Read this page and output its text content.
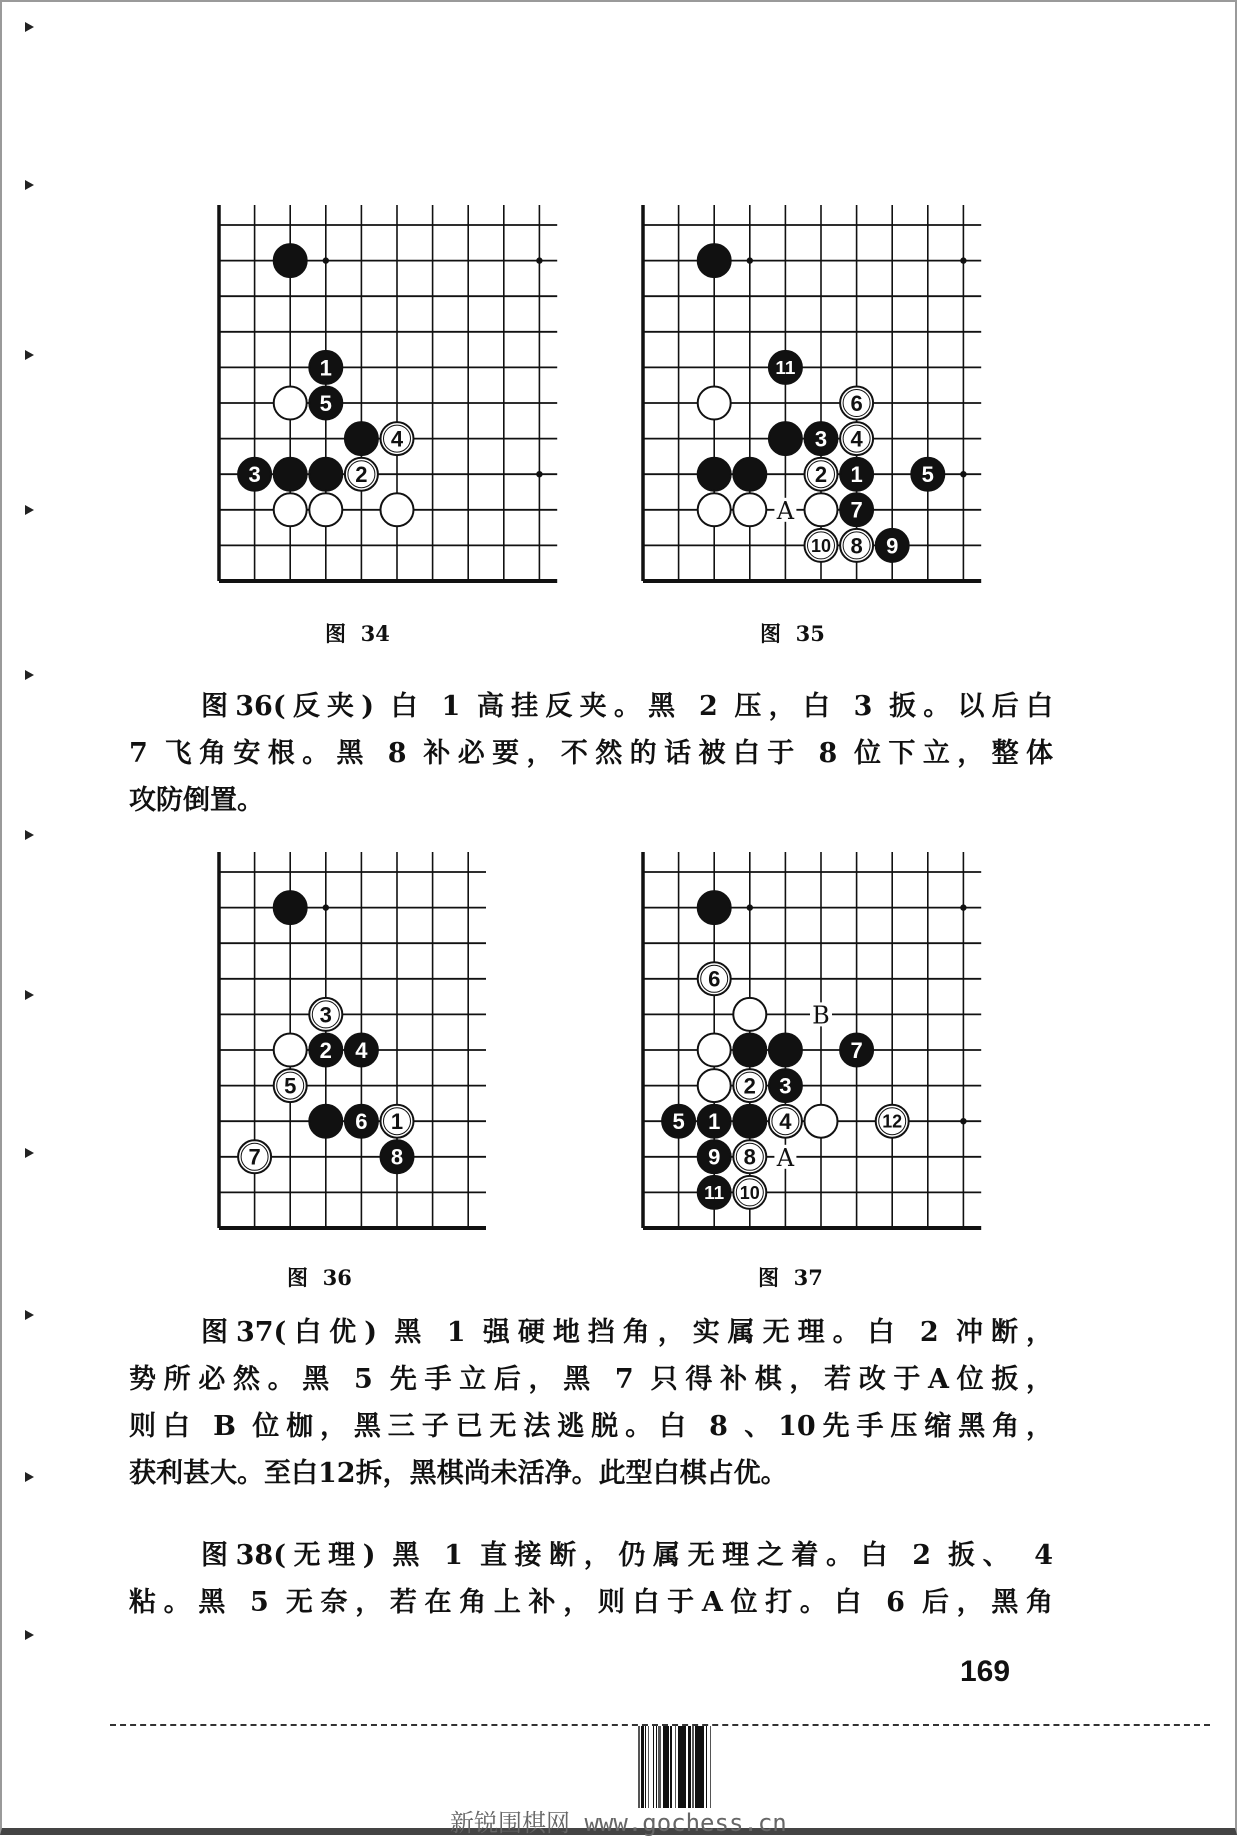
1
5
4
3	2
A
11
6
3 4
2 1	5
7
10 8 9
3
2 4
5
6 1
7	8
B
A
6
7
2 3
5 1	4	12
9 8
11 10
图  34	图  35
图  36	图  37
图36(反夹) 白 1 高挂反夹。黑 2 压，白 3 扳。以后白
7 飞角安根。黑 8 补必要，不然的话被白于 8 位下立，整体
攻防倒置。
图37(白优) 黑 1 强硬地挡角，实属无理。白 2 冲断，
势所必然。黑 5 先手立后，黑 7 只得补棋，若改于A位扳，
则白 B 位枷，黑三子已无法逃脱。白 8 、10先手压缩黑角，
获利甚大。至白12拆，黑棋尚未活净。此型白棋占优。
图38(无理) 黑 1 直接断，仍属无理之着。白 2 扳、 4
粘。黑 5 无奈，若在角上补，则白于A位打。白 6 后，黑角
169
新锐围棋网 www.gochess.cn
